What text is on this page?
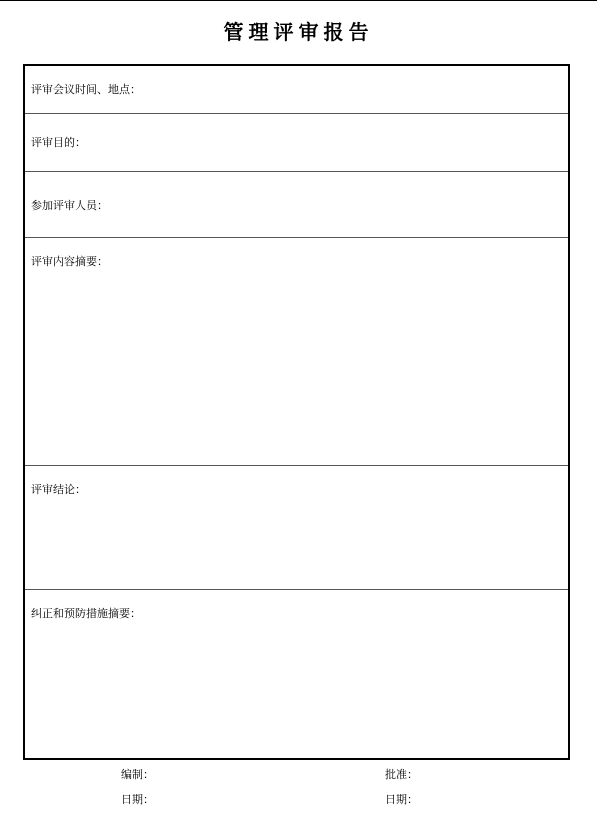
管理评审报告
评审会议时间、地点：
评审目的：
参加评审人员：
评审内容摘要：
评审结论：
纠正和预防措施摘要：
编制：	批准：
日期：	日期：
